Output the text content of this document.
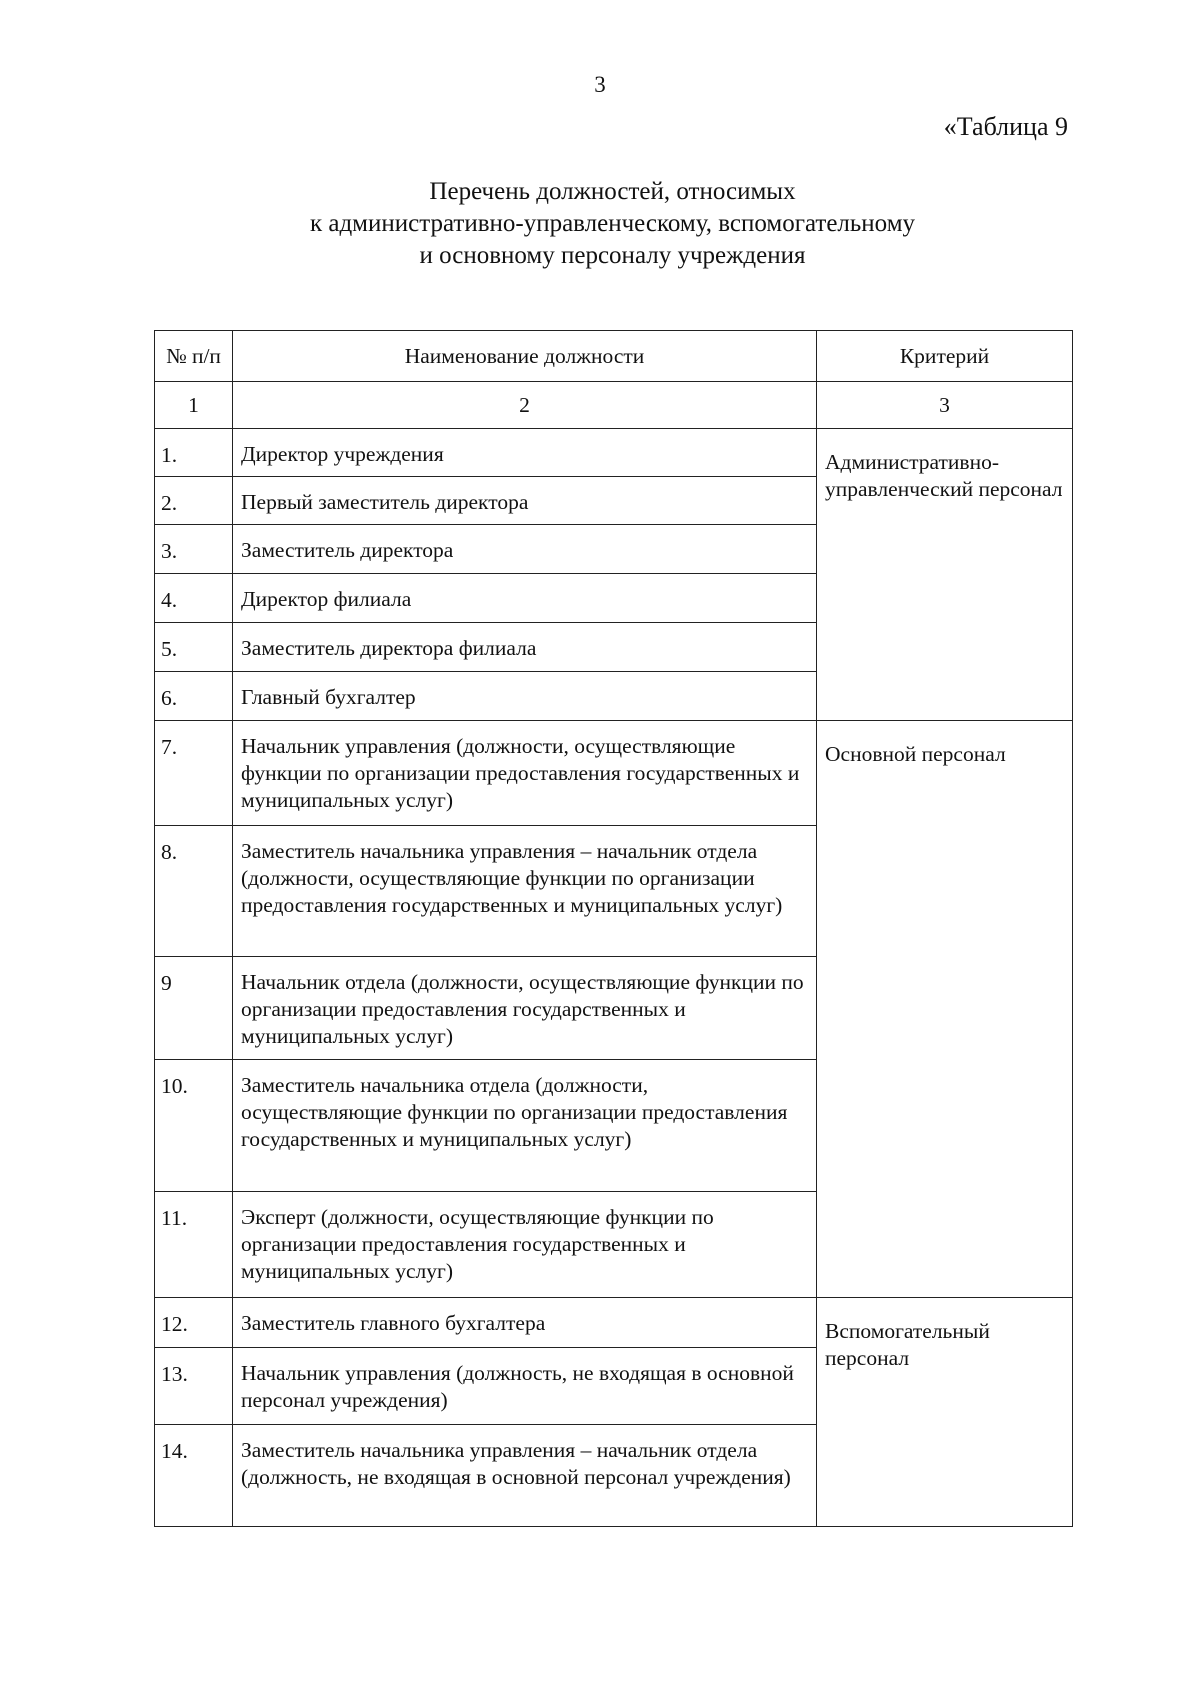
3
«Таблица 9
Перечень должностей, относимых
к административно-управленческому, вспомогательному
и основному персоналу учреждения
№ п/п	Наименование должности	Критерий
1	2	3
1.	Директор учреждения	Административно-управленческий персонал
2.	Первый заместитель директора	
3.	Заместитель директора	
4.	Директор филиала	
5.	Заместитель директора филиала	
6.	Главный бухгалтер	
7.	Начальник управления (должности, осуществляющие функции по организации предоставления государственных и муниципальных услуг)	Основной персонал
8.	Заместитель начальника управления – начальник отдела (должности, осуществляющие функции по организации предоставления государственных и муниципальных услуг)	
9	Начальник отдела (должности, осуществляющие функции по организации предоставления государственных и муниципальных услуг)	
10.	Заместитель начальника отдела (должности, осуществляющие функции по организации предоставления государственных и муниципальных услуг)	
11.	Эксперт (должности, осуществляющие функции по организации предоставления государственных и муниципальных услуг)	
12.	Заместитель главного бухгалтера	Вспомогательный персонал
13.	Начальник управления (должность, не входящая в основной персонал учреждения)	
14.	Заместитель начальника управления – начальник отдела (должность, не входящая в основной персонал учреждения)	
